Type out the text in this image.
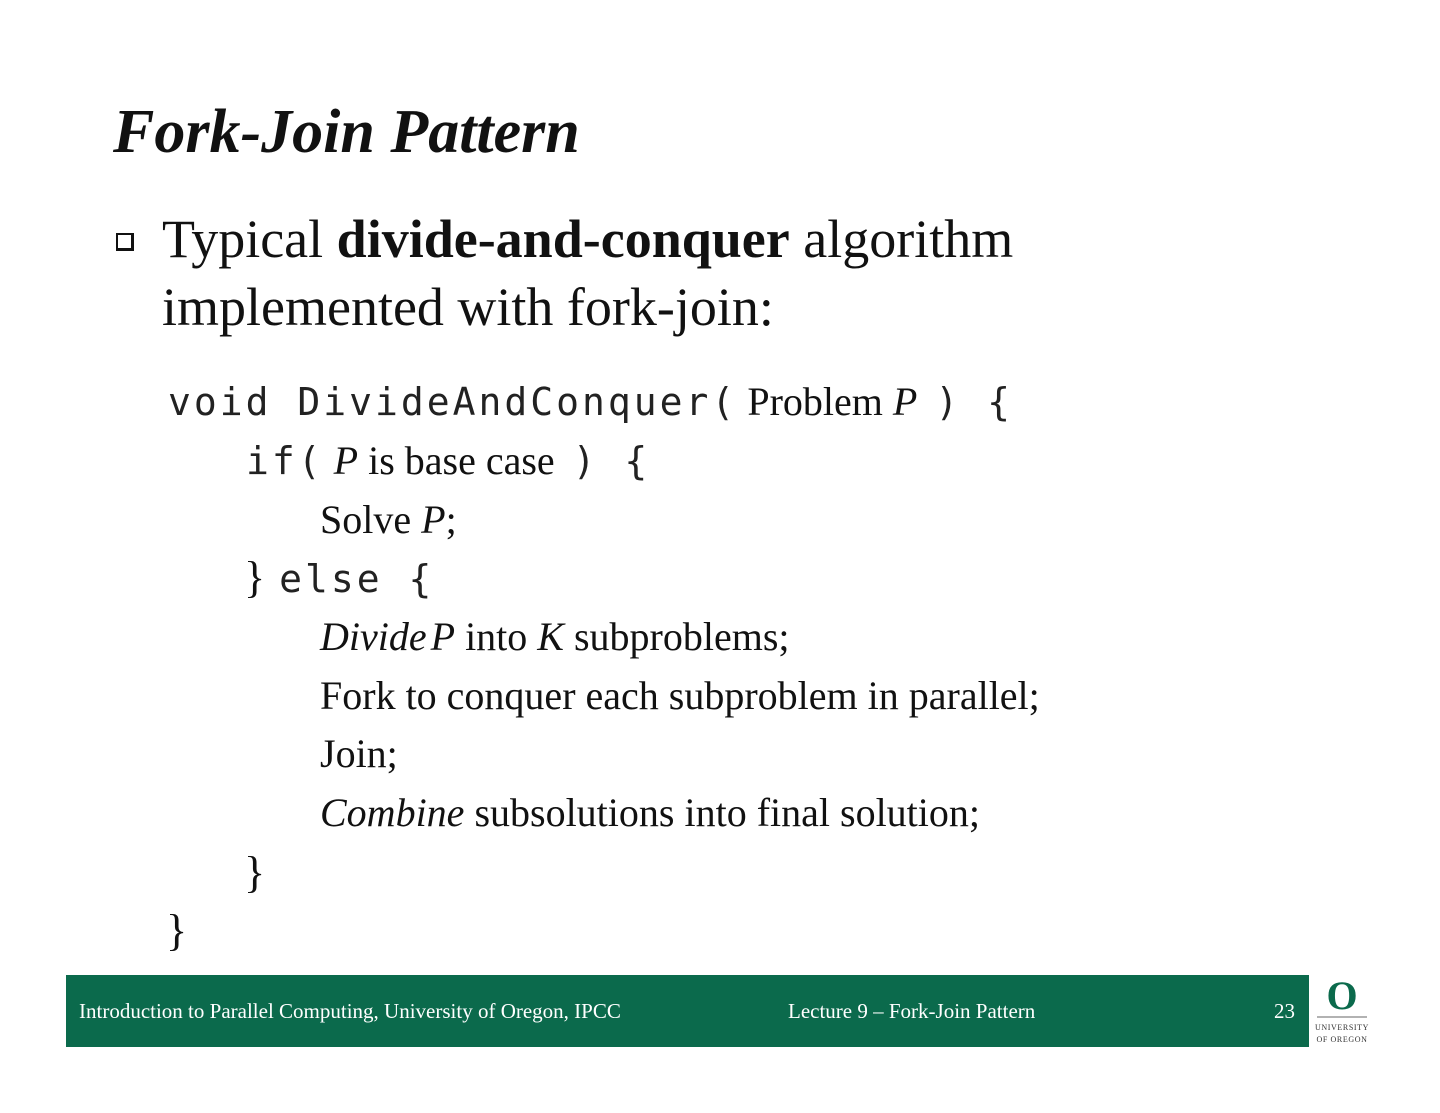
Fork-Join Pattern
Typical divide-and-conquer algorithm
implemented with fork-join:
void DivideAndConquer( Problem P ) {
if( P is base case ) {
Solve P;
} else {
Divide P into K subproblems;
Fork to conquer each subproblem in parallel;
Join;
Combine subsolutions into final solution;
}
}
Introduction to Parallel Computing, University of Oregon, IPCC	Lecture 9 – Fork-Join Pattern	23 O
UNIVERSITY
OF OREGON
